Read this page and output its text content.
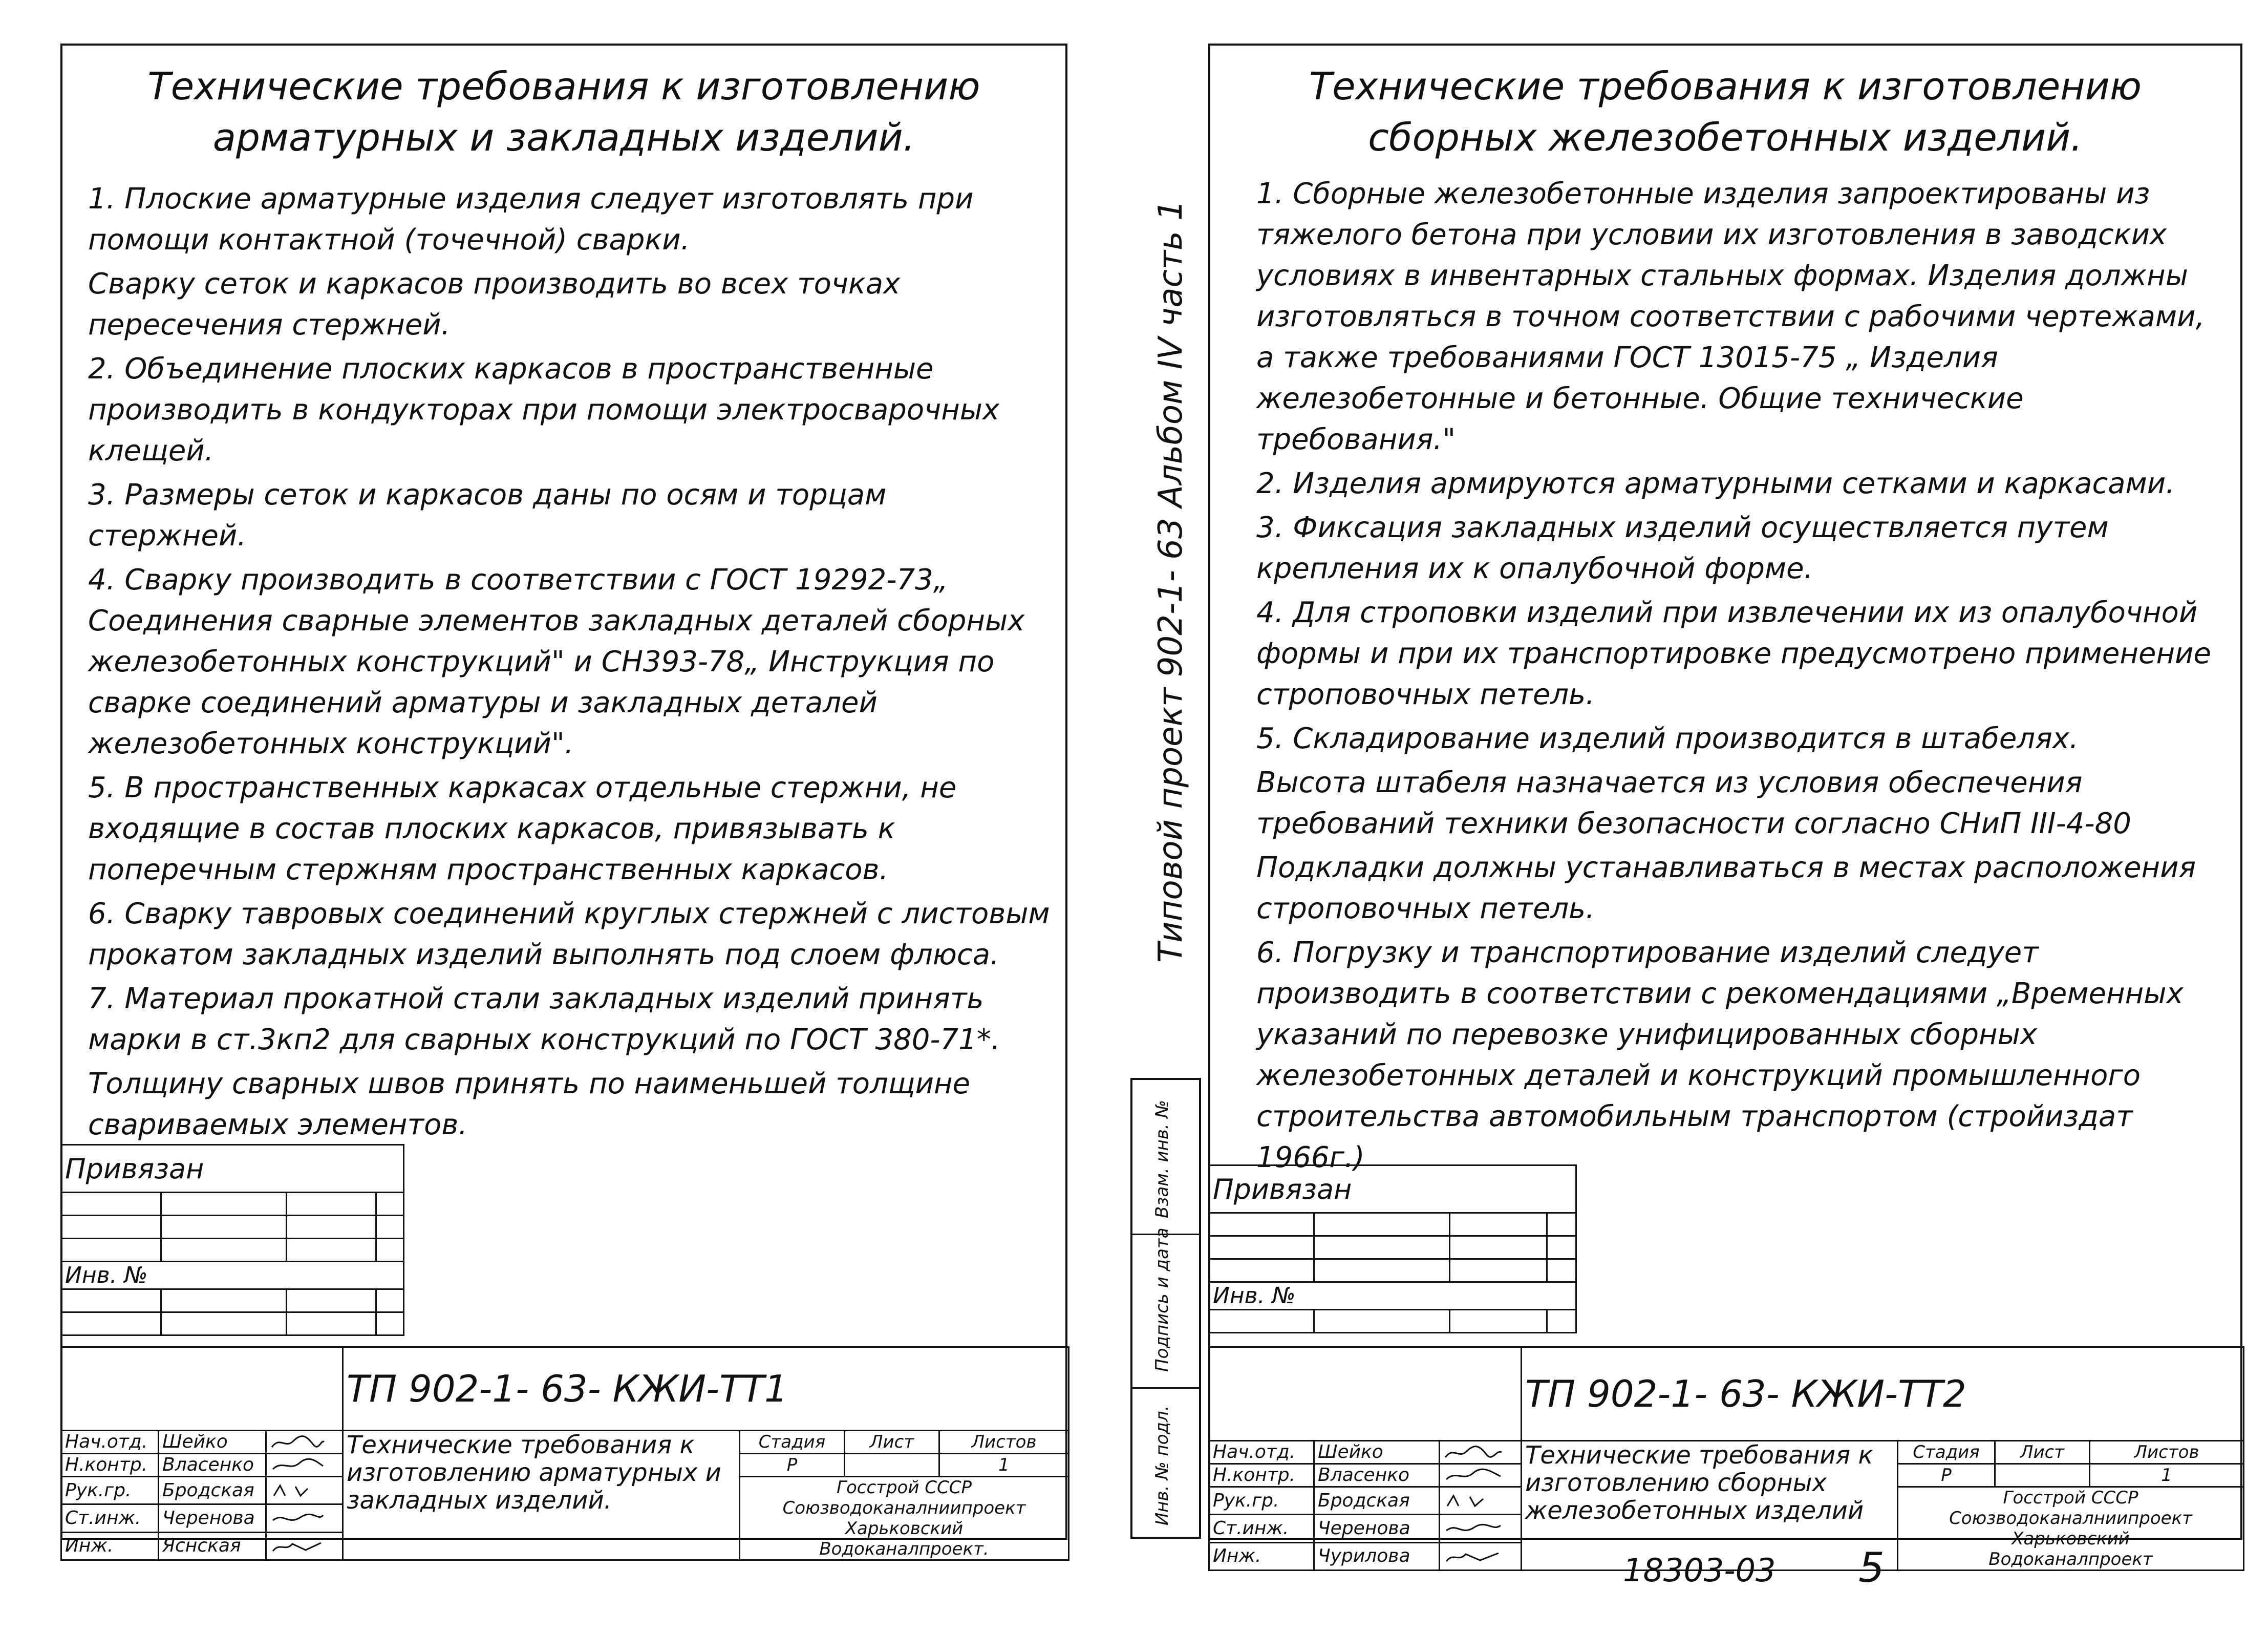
Технические требования к изготовлению
арматурных и закладных изделий.

1. Плоские арматурные изделия следует изготовлять при помощи контактной (точечной) сварки.

Сварку сеток и каркасов производить во всех точках пересечения стержней.

2. Объединение плоских каркасов в пространственные производить в кондукторах при помощи электросварочных клещей.

3. Размеры сеток и каркасов даны по осям и торцам стержней.

4. Сварку производить в соответствии с ГОСТ 19292-73„ Соединения сварные элементов закладных деталей сборных железобетонных конструкций" и СН393-78„ Инструкция по сварке соединений арматуры и закладных деталей железобетонных конструкций".

5. В пространственных каркасах отдельные стержни, не входящие в состав плоских каркасов, привязывать к поперечным стержням пространственных каркасов.

6. Сварку тавровых соединений круглых стержней с листовым прокатом закладных изделий выполнять под слоем флюса.

7. Материал прокатной стали закладных изделий принять марки в ст.3кп2 для сварных конструкций по ГОСТ 380-71*.

Толщину сварных швов принять по наименьшей толщине свариваемых элементов.

Привязан			

Инв. №			

			ТП 902-1- 63- КЖИ-ТТ1			
Нач.отд.	Шейко		Технические требования к изготовлению арматурных и закладных изделий.	Стадия	Лист	Листов
Н.контр.	Власенко			Р		1
Рук.гр.	Бродская			Госстрой СССР
Союзводоканалниипроект
Харьковский
Водоканалпроект.		

Ст.инж.	Черенова	
Инж.	Яснская	
Типовой проект 902-1- 63 Альбом IV часть 1
Инв. № подл.
Подпись и дата
Взам. инв. №
Технические требования к изготовлению
сборных железобетонных изделий.

1. Сборные железобетонные изделия запроектированы из тяжелого бетона при условии их изготовления в заводских условиях в инвентарных стальных формах. Изделия должны изготовляться в точном соответствии с рабочими чертежами, а также требованиями ГОСТ 13015-75 „ Изделия железобетонные и бетонные. Общие технические требования."

2. Изделия армируются арматурными сетками и каркасами.

3. Фиксация закладных изделий осуществляется путем крепления их к опалубочной форме.

4. Для строповки изделий при извлечении их из опалубочной формы и при их транспортировке предусмотрено применение строповочных петель.

5. Складирование изделий производится в штабелях.

Высота штабеля назначается из условия обеспечения требований техники безопасности согласно СНиП III-4-80

Подкладки должны устанавливаться в местах расположения строповочных петель.

6. Погрузку и транспортирование изделий следует производить в соответствии с рекомендациями „Временных указаний по перевозке унифицированных сборных железобетонных деталей и конструкций промышленного строительства автомобильным транспортом (стройиздат 1966г.)

Привязан			

Инв. №			

			ТП 902-1- 63- КЖИ-ТТ2			
Нач.отд.	Шейко		Технические требования к изготовлению сборных железобетонных изделий	Стадия	Лист	Листов
Н.контр.	Власенко			Р		1
Рук.гр.	Бродская			Госстрой СССР
Союзводоканалниипроект
Харьковский
Водоканалпроект		

Ст.инж.	Черенова	
Инж.	Чурилова		18303-03 5
